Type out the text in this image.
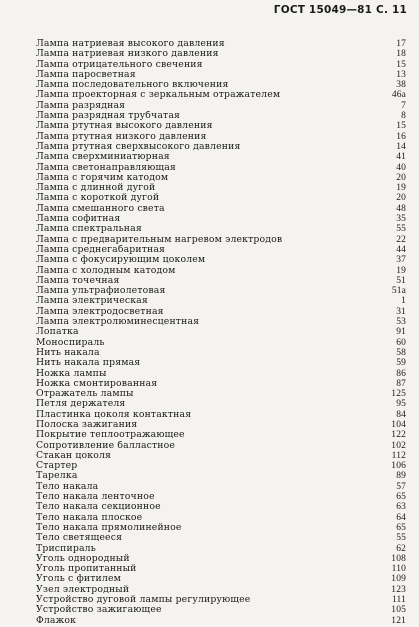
ГОСТ 15049—81 С. 11
Лампа натриевая высокого давления	17
Лампа натриевая низкого давления	18
Лампа отрицательного свечения	15
Лампа паросветная	13
Лампа последовательного включения	38
Лампа проекторная с зеркальным отражателем	46a
Лампа разрядная	7
Лампа разрядная трубчатая	8
Лампа ртутная высокого давления	15
Лампа ртутная низкого давления	16
Лампа ртутная сверхвысокого давления	14
Лампа сверхминиатюрная	41
Лампа светонаправляющая	40
Лампа с горячим катодом	20
Лампа с длинной дугой	19
Лампа с короткой дугой	20
Лампа смешанного света	48
Лампа софитная	35
Лампа спектральная	55
Лампа с предварительным нагревом электродов	22
Лампа среднегабаритная	44
Лампа с фокусирующим цоколем	37
Лампа с холодным катодом	19
Лампа точечная	51
Лампа ультрафиолетовая	51a
Лампа электрическая	1
Лампа электродосветная	31
Лампа электролюминесцентная	53
Лопатка	91
Моноспираль	60
Нить накала	58
Нить накала прямая	59
Ножка лампы	86
Ножка смонтированная	87
Отражатель лампы	125
Петля держателя	95
Пластинка цоколя контактная	84
Полоска зажигания	104
Покрытие теплоотражающее	122
Сопротивление балластное	102
Стакан цоколя	112
Стартер	106
Тарелка	89
Тело накала	57
Тело накала ленточное	65
Тело накала секционное	63
Тело накала плоское	64
Тело накала прямолинейное	65
Тело светящееся	55
Триспираль	62
Уголь однородный	108
Уголь пропитанный	110
Уголь с фитилем	109
Узел электродный	123
Устройство дуговой лампы регулирующее	111
Устройство зажигающее	105
Флажок	121
